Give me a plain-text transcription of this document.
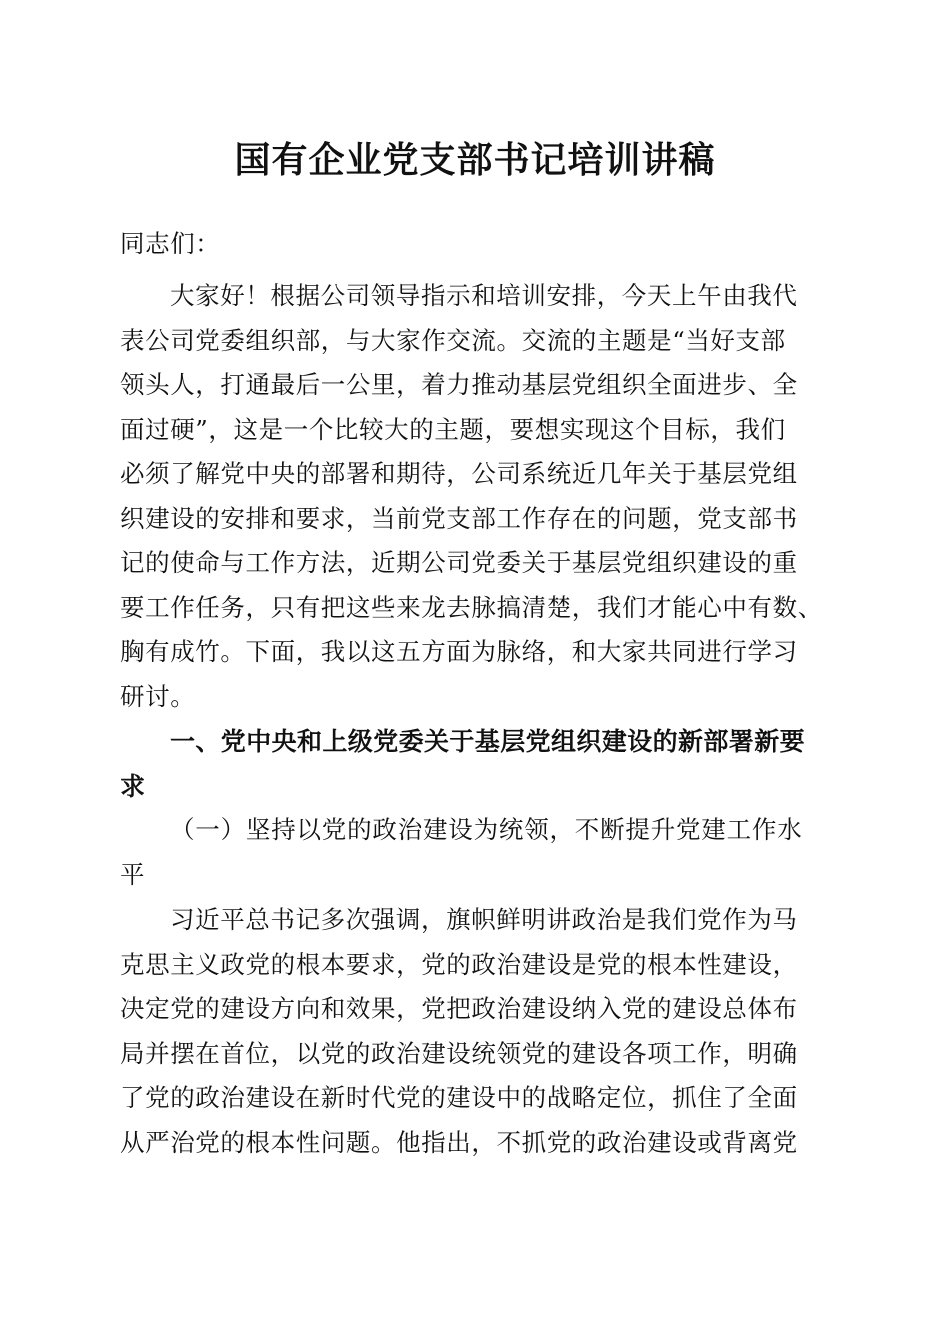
国有企业党支部书记培训讲稿
同志们：
大家好！根据公司领导指示和培训安排，今天上午由我代
表公司党委组织部，与大家作交流。交流的主题是“当好支部
领头人，打通最后一公里，着力推动基层党组织全面进步、全
面过硬”，这是一个比较大的主题，要想实现这个目标，我们
必须了解党中央的部署和期待，公司系统近几年关于基层党组
织建设的安排和要求，当前党支部工作存在的问题，党支部书
记的使命与工作方法，近期公司党委关于基层党组织建设的重
要工作任务，只有把这些来龙去脉搞清楚，我们才能心中有数、
胸有成竹。下面，我以这五方面为脉络，和大家共同进行学习
研讨。
一、党中央和上级党委关于基层党组织建设的新部署新要
求
（一）坚持以党的政治建设为统领，不断提升党建工作水
平
习近平总书记多次强调，旗帜鲜明讲政治是我们党作为马
克思主义政党的根本要求，党的政治建设是党的根本性建设，
决定党的建设方向和效果，党把政治建设纳入党的建设总体布
局并摆在首位，以党的政治建设统领党的建设各项工作，明确
了党的政治建设在新时代党的建设中的战略定位，抓住了全面
从严治党的根本性问题。他指出，不抓党的政治建设或背离党
